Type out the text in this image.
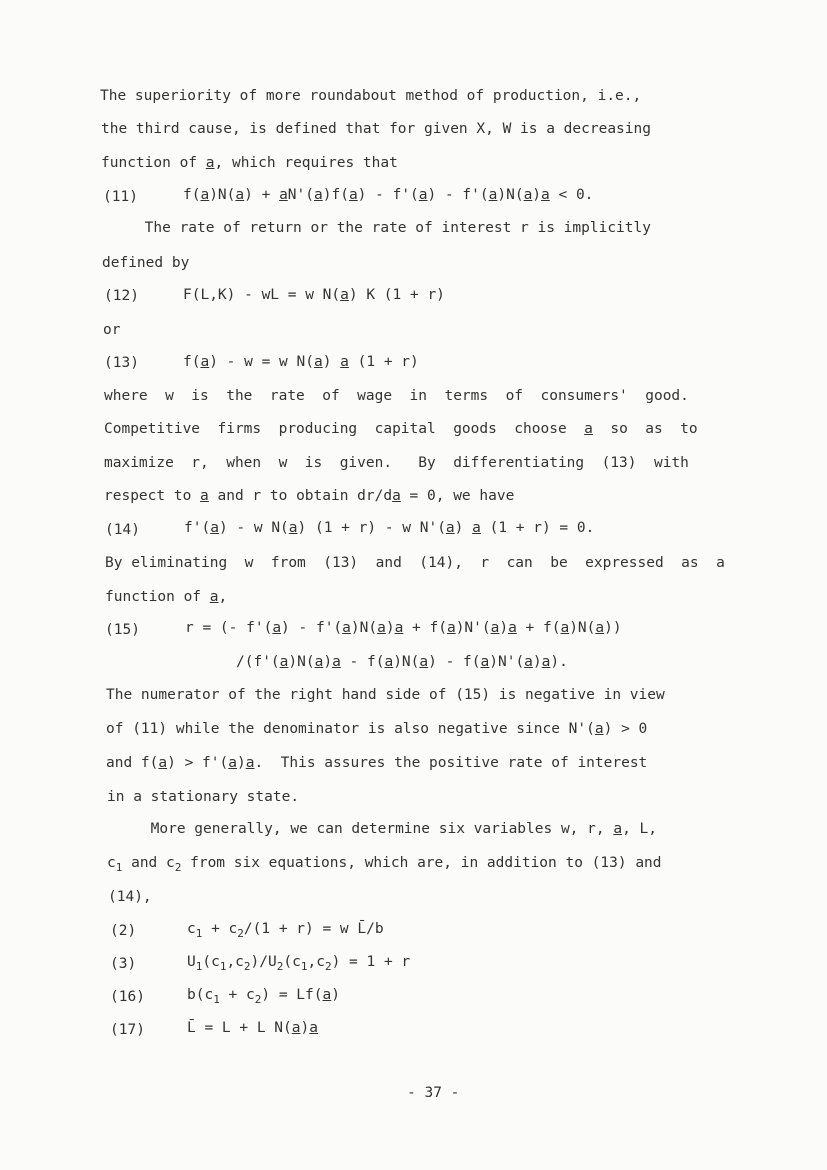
The superiority of more roundabout method of production, i.e.,
the third cause, is defined that for given X, W is a decreasing
function of a, which requires that
(11)	f(a)N(a) + aN'(a)f(a) - f'(a) - f'(a)N(a)a < 0.
The rate of return or the rate of interest r is implicitly
defined by
(12)	F(L,K) - wL = w N(a) K (1 + r)
or
(13)	f(a) - w = w N(a) a (1 + r)
where  w  is  the  rate  of  wage  in  terms  of  consumers'  good.
Competitive  firms  producing  capital  goods  choose  a  so  as  to
maximize  r,  when  w  is  given.   By  differentiating  (13)  with
respect to a and r to obtain dr/da = 0, we have
(14)	f'(a) - w N(a) (1 + r) - w N'(a) a (1 + r) = 0.
By eliminating  w  from  (13)  and  (14),  r  can  be  expressed  as  a
function of a,
(15)	r = (- f'(a) - f'(a)N(a)a + f(a)N'(a)a + f(a)N(a))
/(f'(a)N(a)a - f(a)N(a) - f(a)N'(a)a).
The numerator of the right hand side of (15) is negative in view
of (11) while the denominator is also negative since N'(a) > 0
and f(a) > f'(a)a.  This assures the positive rate of interest
in a stationary state.
More generally, we can determine six variables w, r, a, L,
$c_1$ and $c_2$ from six equations, which are, in addition to (13) and
(14),
(2)	$c_1 + c_2/(1 + r) = w$ L̄/b
(3)	$U_1(c_1,c_2)/U_2(c_1,c_2) = 1 + r$
(16)	$b(c_1 + c_2) = Lf(a)$
(17)	L̄ = L + L N(a)a
- 37 -
